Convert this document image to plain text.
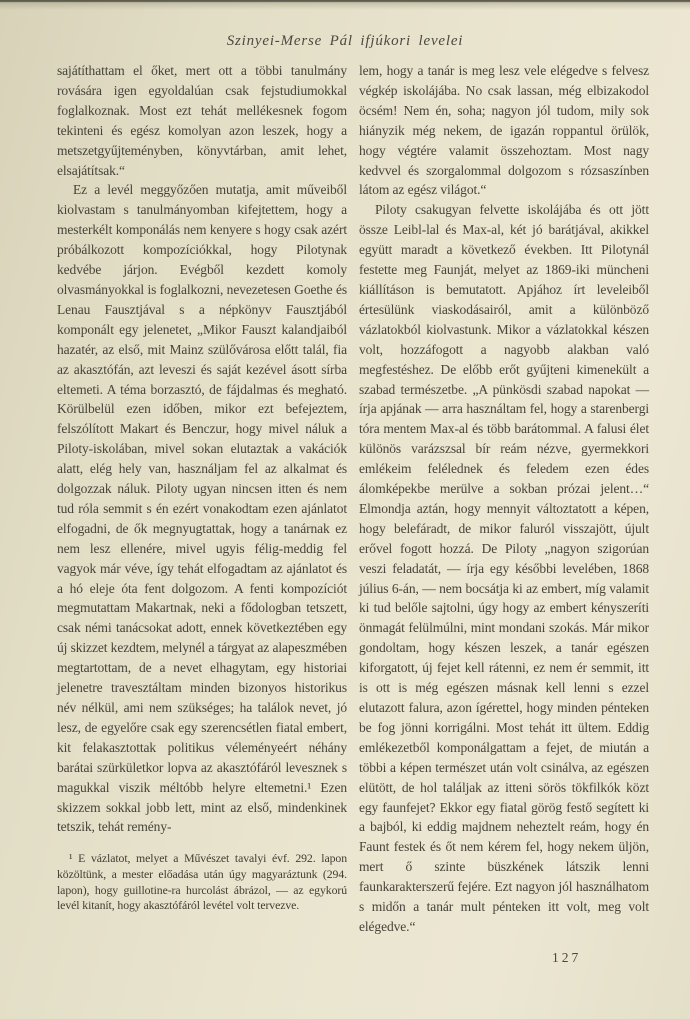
Szinyei-Merse Pál ifjúkori levelei

sajátíthattam el őket, mert ott a többi tanulmány rovására igen egyoldalúan csak fejstudiumokkal foglalkoznak. Most ezt tehát mellékesnek fogom tekinteni és egész komolyan azon leszek, hogy a metszetgyűjteményben, könyvtárban, amit lehet, elsajátítsak.“

Ez a levél meggyőzően mutatja, amit műveiből kiolvastam s tanulmányomban kifejtettem, hogy a mesterkélt komponálás nem kenyere s hogy csak azért próbálkozott kompozíciókkal, hogy Pilotynak kedvébe járjon. Evégből kezdett komoly olvasmányokkal is foglalkozni, nevezetesen Goethe és Lenau Fausztjával s a népkönyv Fausztjából komponált egy jelenetet, „Mikor Fauszt kalandjaiból hazatér, az első, mit Mainz szülővárosa előtt talál, fia az akasztófán, azt leveszi és saját kezével ásott sírba eltemeti. A téma borzasztó, de fájdalmas és megható. Körülbelül ezen időben, mikor ezt befejeztem, felszólított Makart és Benczur, hogy mivel náluk a Piloty-iskolában, mivel sokan elutaztak a vakációk alatt, elég hely van, használjam fel az alkalmat és dolgozzak náluk. Piloty ugyan nincsen itten és nem tud róla semmit s én ezért vonakodtam ezen ajánlatot elfogadni, de ők megnyugtattak, hogy a tanárnak ez nem lesz ellenére, mivel ugyis félig-meddig fel vagyok már véve, így tehát elfogadtam az ajánlatot és a hó eleje óta fent dolgozom. A fenti kompozíciót megmutattam Makartnak, neki a fődologban tetszett, csak némi tanácsokat adott, ennek következtében egy új skizzet kezdtem, melynél a tárgyat az alapeszmében megtartottam, de a nevet elhagytam, egy historiai jelenetre travesztáltam minden bizonyos historikus név nélkül, ami nem szükséges; ha találok nevet, jó lesz, de egyelőre csak egy szerencsétlen fiatal embert, kit felakasztottak politikus véleményeért néhány barátai szürkületkor lopva az akasztófáról levesznek s magukkal viszik méltóbb helyre eltemetni.¹ Ezen skizzem sokkal jobb lett, mint az első, mindenkinek tetszik, tehát remény-

¹ E vázlatot, melyet a Művészet tavalyi évf. 292. lapon közöltünk, a mester előadása után úgy magyaráztunk (294. lapon), hogy guillotine-ra hurcolást ábrázol, — az egykorú levél kitanít, hogy akasztófáról levétel volt tervezve.

lem, hogy a tanár is meg lesz vele elégedve s felvesz végkép iskolájába. No csak lassan, még elbizakodol öcsém! Nem én, soha; nagyon jól tudom, mily sok hiányzik még nekem, de igazán roppantul örülök, hogy végtére valamit összehoztam. Most nagy kedvvel és szorgalommal dolgozom s rózsaszínben látom az egész világot.“

Piloty csakugyan felvette iskolájába és ott jött össze Leibl-lal és Max-al, két jó barátjával, akikkel együtt maradt a következő években. Itt Pilotynál festette meg Faunját, melyet az 1869-iki müncheni kiállításon is bemutatott. Apjához írt leveleiből értesülünk viaskodásairól, amit a különböző vázlatokból kiolvastunk. Mikor a vázlatokkal készen volt, hozzáfogott a nagyobb alakban való megfestéshez. De előbb erőt gyűjteni kimenekült a szabad természetbe. „A pünkösdi szabad napokat — írja apjának — arra használtam fel, hogy a starenbergi tóra mentem Max-al és több barátommal. A falusi élet különös varázszsal bír reám nézve, gyermekkori emlékeim felélednek és feledem ezen édes álomképekbe merülve a sokban prózai jelent…“ Elmondja aztán, hogy mennyit változtatott a képen, hogy belefáradt, de mikor faluról visszajött, újult erővel fogott hozzá. De Piloty „nagyon szigorúan veszi feladatát, — írja egy későbbi levelében, 1868 július 6-án, — nem bocsátja ki az embert, míg valamit ki tud belőle sajtolni, úgy hogy az embert kényszeríti önmagát felülmúlni, mint mondani szokás. Már mikor gondoltam, hogy készen leszek, a tanár egészen kiforgatott, új fejet kell rátenni, ez nem ér semmit, itt is ott is még egészen másnak kell lenni s ezzel elutazott falura, azon ígérettel, hogy minden pénteken be fog jönni korrigálni. Most tehát itt ültem. Eddig emlékezetből komponálgattam a fejet, de miután a többi a képen természet után volt csinálva, az egészen elütött, de hol találjak az itteni sörös tökfilkók közt egy faunfejet? Ekkor egy fiatal görög festő segített ki a bajból, ki eddig majdnem neheztelt reám, hogy én Faunt festek és őt nem kérem fel, hogy nekem üljön, mert ő szinte büszkének látszik lenni faunkarakterszerű fejére. Ezt nagyon jól használhatom s midőn a tanár mult pénteken itt volt, meg volt elégedve.“

127
